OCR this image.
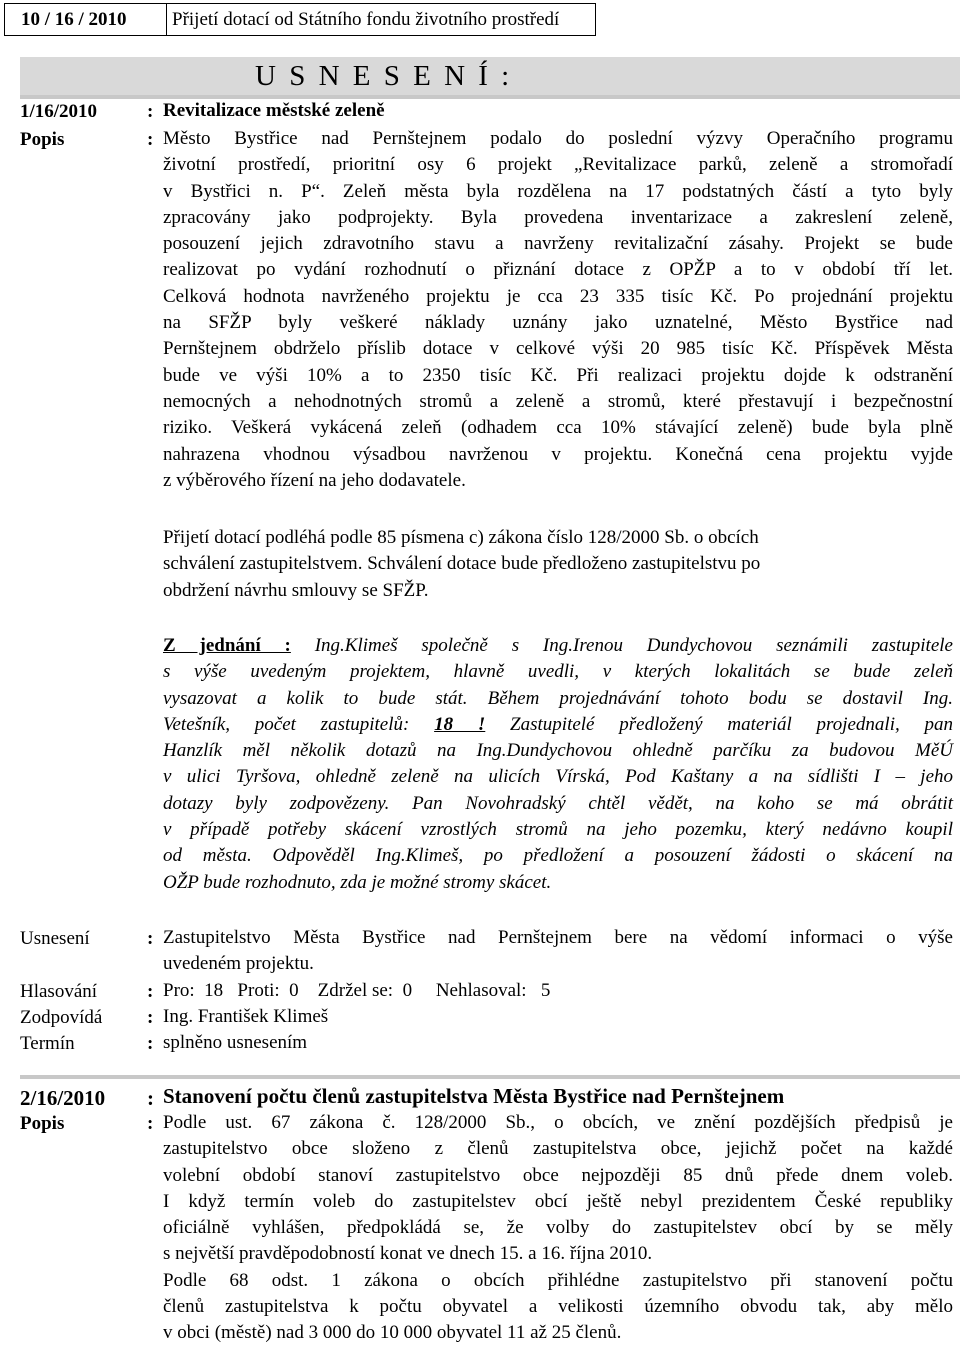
10 / 16 / 2010	Přijetí dotací od Státního fondu životního prostředí
U S N E S E N Í :
1/16/2010	: Revitalizace městské zeleně
Popis	: Město Bystřice nad Pernštejnem podalo do poslední výzvy Operačního programu

životní prostředí, prioritní osy 6 projekt „Revitalizace parků, zeleně a stromořadí

v Bystřici n. P“. Zeleň města byla rozdělena na 17 podstatných částí a tyto byly

zpracovány jako podprojekty. Byla provedena inventarizace a zakreslení zeleně,

posouzení jejich zdravotního stavu a navrženy revitalizační zásahy. Projekt se bude

realizovat po vydání rozhodnutí o přiznání dotace z OPŽP a to v období tří let.

Celková hodnota navrženého projektu je cca 23 335 tisíc Kč. Po projednání projektu

na SFŽP byly veškeré náklady uznány jako uznatelné, Město Bystřice nad

Pernštejnem obdrželo příslib dotace v celkové výši 20 985 tisíc Kč. Příspěvek Města

bude ve výši 10% a to 2350 tisíc Kč. Při realizaci projektu dojde k odstranění

nemocných a nehodnotných stromů a zeleně a stromů, které přestavují i bezpečnostní

riziko. Veškerá vykácená zeleň (odhadem cca 10% stávající zeleně) bude byla plně

nahrazena vhodnou výsadbou navrženou v projektu. Konečná cena projektu vyjde

z výběrového řízení na jeho dodavatele.

Přijetí dotací podléhá podle 85 písmena c) zákona číslo 128/2000 Sb. o obcích

schválení zastupitelstvem. Schválení dotace bude předloženo zastupitelstvu po

obdržení návrhu smlouvy se SFŽP.

Z jednání : Ing.Klimeš společně s Ing.Irenou Dundychovou seznámili zastupitele

s výše uvedeným projektem, hlavně uvedli, v kterých lokalitách se bude zeleň

vysazovat a kolik to bude stát. Během projednávání tohoto bodu se dostavil Ing.

Vetešník, počet zastupitelů: 18 ! Zastupitelé předložený materiál projednali, pan

Hanzlík měl několik dotazů na Ing.Dundychovou ohledně parčíku za budovou MěÚ

v ulici Tyršova, ohledně zeleně na ulicích Vírská, Pod Kaštany a na sídlišti I – jeho

dotazy byly zodpovězeny. Pan Novohradský chtěl vědět, na koho se má obrátit

v případě potřeby skácení vzrostlých stromů na jeho pozemku, který nedávno koupil

od města. Odpověděl Ing.Klimeš, po předložení a posouzení žádosti o skácení na

OŽP bude rozhodnuto, zda je možné stromy skácet.

Usnesení	: Zastupitelstvo Města Bystřice nad Pernštejnem bere na vědomí informaci o výše

uvedeném projektu.

Hlasování	: Pro:  18   Proti:  0    Zdržel se:  0     Nehlasoval:   5
Zodpovídá : Ing. František Klimeš
Termín	: splněno usnesením
2/16/2010 : Stanovení počtu členů zastupitelstva Města Bystřice nad Pernštejnem
Popis	: Podle ust. 67 zákona č. 128/2000 Sb., o obcích, ve znění pozdějších předpisů je

zastupitelstvo obce složeno z členů zastupitelstva obce, jejichž počet na každé

volební období stanoví zastupitelstvo obce nejpozději 85 dnů přede dnem voleb.

I když termín voleb do zastupitelstev obcí ještě nebyl prezidentem České republiky

oficiálně vyhlášen, předpokládá se, že volby do zastupitelstev obcí by se měly

s největší pravděpodobností konat ve dnech 15. a 16. října 2010.

Podle 68 odst. 1 zákona o obcích přihlédne zastupitelstvo při stanovení počtu

členů zastupitelstva k počtu obyvatel a velikosti územního obvodu tak, aby mělo

v obci (městě) nad 3 000 do 10 000 obyvatel 11 až 25 členů.
